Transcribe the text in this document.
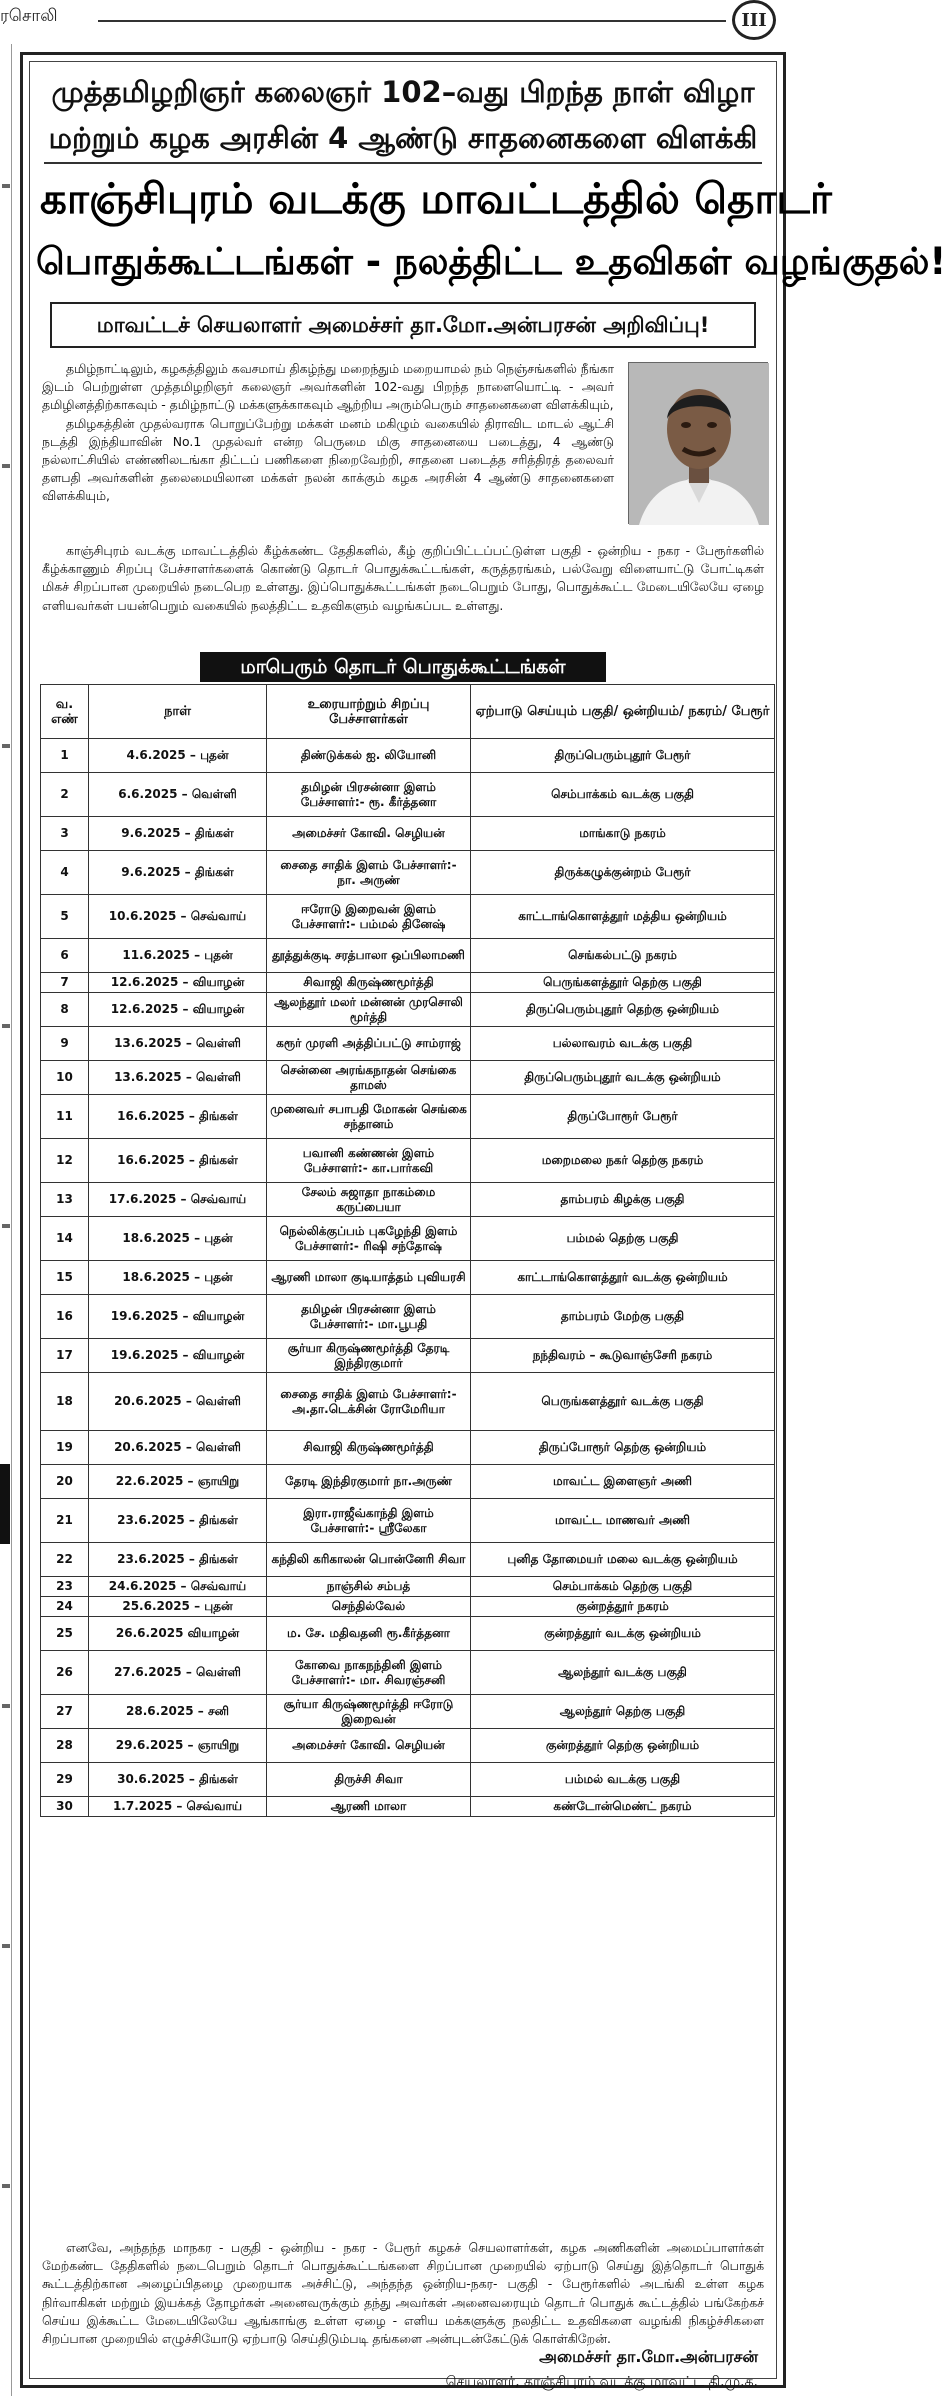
ரசொலி	III
முத்தமிழறிஞர் கலைஞர் 102–வது பிறந்த நாள் விழா
மற்றும் கழக அரசின் 4 ஆண்டு சாதனைகளை விளக்கி
காஞ்சிபுரம் வடக்கு மாவட்டத்தில் தொடர்
பொதுக்கூட்டங்கள் - நலத்திட்ட உதவிகள் வழங்குதல்!
மாவட்டச் செயலாளர் அமைச்சர் தா.மோ.அன்பரசன் அறிவிப்பு!

தமிழ்நாட்டிலும், கழகத்திலும் கவசமாய் திகழ்ந்து மறைந்தும் மறையாமல் நம் நெஞ்சங்களில் நீங்கா இடம் பெற்றுள்ள முத்தமிழறிஞர் கலைஞர் அவர்களின் 102-வது பிறந்த நாளையொட்டி - அவர் தமிழினத்திற்காகவும் - தமிழ்நாட்டு மக்களுக்காகவும் ஆற்றிய அரும்பெரும் சாதனைகளை விளக்கியும்,

தமிழகத்தின் முதல்வராக பொறுப்பேற்று மக்கள் மனம் மகிழும் வகையில் திராவிட மாடல் ஆட்சி நடத்தி இந்தியாவின் No.1 முதல்வர் என்ற பெருமை மிகு சாதனையை படைத்து, 4 ஆண்டு நல்லாட்சியில் எண்ணிலடங்கா திட்டப் பணிகளை நிறைவேற்றி, சாதனை படைத்த சரித்திரத் தலைவர் தளபதி அவர்களின் தலைமையிலான மக்கள் நலன் காக்கும் கழக அரசின் 4 ஆண்டு சாதனைகளை விளக்கியும்,

காஞ்சிபுரம் வடக்கு மாவட்டத்தில் கீழ்க்கண்ட தேதிகளில், கீழ் குறிப்பிட்டப்பட்டுள்ள பகுதி - ஒன்றிய - நகர - பேரூர்களில் கீழ்க்காணும் சிறப்பு பேச்சாளர்களைக் கொண்டு தொடர் பொதுக்கூட்டங்கள், கருத்தரங்கம், பல்வேறு விளையாட்டு போட்டிகள் மிகச் சிறப்பான முறையில் நடைபெற உள்ளது. இப்பொதுக்கூட்டங்கள் நடைபெறும் போது, பொதுக்கூட்ட மேடையிலேயே ஏழை எளியவர்கள் பயன்பெறும் வகையில் நலத்திட்ட உதவிகளும் வழங்கப்பட உள்ளது.

மாபெரும் தொடர் பொதுக்கூட்டங்கள்
வ. எண்	நாள்	உரையாற்றும் சிறப்பு பேச்சாளர்கள்	ஏற்பாடு செய்யும் பகுதி/ ஒன்றியம்/ நகரம்/ பேரூர்
1	4.6.2025 – புதன்	திண்டுக்கல் ஐ. லியோனி	திருப்பெரும்புதூர் பேரூர்
2	6.6.2025 – வெள்ளி	தமிழன் பிரசன்னா இளம் பேச்சாளர்:- ரூ. கீர்த்தனா	செம்பாக்கம் வடக்கு பகுதி
3	9.6.2025 – திங்கள்	அமைச்சர் கோவி. செழியன்	மாங்காடு நகரம்
4	9.6.2025 – திங்கள்	சைதை சாதிக் இளம் பேச்சாளர்:- நா. அருண்	திருக்கழுக்குன்றம் பேரூர்
5	10.6.2025 – செவ்வாய்	ஈரோடு இறைவன் இளம் பேச்சாளர்:- பம்மல் தினேஷ்	காட்டாங்கொளத்தூர் மத்திய ஒன்றியம்
6	11.6.2025 – புதன்	தூத்துக்குடி சரத்பாலா ஒப்பிலாமணி	செங்கல்பட்டு நகரம்
7	12.6.2025 – வியாழன்	சிவாஜி கிருஷ்ணமூர்த்தி	பெருங்களத்தூர் தெற்கு பகுதி
8	12.6.2025 – வியாழன்	ஆலந்தூர் மலர் மன்னன் முரசொலி மூர்த்தி	திருப்பெரும்புதூர் தெற்கு ஒன்றியம்
9	13.6.2025 – வெள்ளி	கரூர் முரளி அத்திப்பட்டு சாம்ராஜ்	பல்லாவரம் வடக்கு பகுதி
10	13.6.2025 – வெள்ளி	சென்னை அரங்கநாதன் செங்கை தாமஸ்	திருப்பெரும்புதூர் வடக்கு ஒன்றியம்
11	16.6.2025 – திங்கள்	முனைவர் சபாபதி மோகன் செங்கை சந்தானம்	திருப்போரூர் பேரூர்
12	16.6.2025 – திங்கள்	பவானி கண்ணன் இளம் பேச்சாளர்:- கா.பார்கவி	மறைமலை நகர் தெற்கு நகரம்
13	17.6.2025 – செவ்வாய்	சேலம் சுஜாதா நாகம்மை கருப்பையா	தாம்பரம் கிழக்கு பகுதி
14	18.6.2025 – புதன்	நெல்லிக்குப்பம் புகழேந்தி இளம் பேச்சாளர்:- ரிஷி சந்தோஷ்	பம்மல் தெற்கு பகுதி
15	18.6.2025 – புதன்	ஆரணி மாலா குடியாத்தம் புவியரசி	காட்டாங்கொளத்தூர் வடக்கு ஒன்றியம்
16	19.6.2025 – வியாழன்	தமிழன் பிரசன்னா இளம் பேச்சாளர்:- மா.பூபதி	தாம்பரம் மேற்கு பகுதி
17	19.6.2025 – வியாழன்	சூர்யா கிருஷ்ணமூர்த்தி தேரடி இந்திரகுமார்	நந்திவரம் – கூடுவாஞ்சேரி நகரம்
18	20.6.2025 – வெள்ளி	சைதை சாதிக் இளம் பேச்சாளர்:- அ.தா.டெக்சின் ரோமேரியா	பெருங்களத்தூர் வடக்கு பகுதி
19	20.6.2025 – வெள்ளி	சிவாஜி கிருஷ்ணமூர்த்தி	திருப்போரூர் தெற்கு ஒன்றியம்
20	22.6.2025 – ஞாயிறு	தேரடி இந்திரகுமார் நா.அருண்	மாவட்ட இளைஞர் அணி
21	23.6.2025 – திங்கள்	இரா.ராஜீவ்காந்தி இளம் பேச்சாளர்:- ஸ்ரீலேகா	மாவட்ட மாணவர் அணி
22	23.6.2025 – திங்கள்	கந்திலி கரிகாலன் பொன்னேரி சிவா	புனித தோமையர் மலை வடக்கு ஒன்றியம்
23	24.6.2025 – செவ்வாய்	நாஞ்சில் சம்பத்	செம்பாக்கம் தெற்கு பகுதி
24	25.6.2025 – புதன்	செந்தில்வேல்	குன்றத்தூர் நகரம்
25	26.6.2025 வியாழன்	ம. சே. மதிவதனி ரூ.கீர்த்தனா	குன்றத்தூர் வடக்கு ஒன்றியம்
26	27.6.2025 – வெள்ளி	கோவை நாகநந்தினி இளம் பேச்சாளர்:- மா. சிவரஞ்சனி	ஆலந்தூர் வடக்கு பகுதி
27	28.6.2025 – சனி	சூர்யா கிருஷ்ணமூர்த்தி ஈரோடு இறைவன்	ஆலந்தூர் தெற்கு பகுதி
28	29.6.2025 – ஞாயிறு	அமைச்சர் கோவி. செழியன்	குன்றத்தூர் தெற்கு ஒன்றியம்
29	30.6.2025 – திங்கள்	திருச்சி சிவா	பம்மல் வடக்கு பகுதி
30	1.7.2025 – செவ்வாய்	ஆரணி மாலா	கண்டோன்மெண்ட் நகரம்

எனவே, அந்தந்த மாநகர - பகுதி - ஒன்றிய - நகர - பேரூர் கழகச் செயலாளர்கள், கழக அணிகளின் அமைப்பாளர்கள் மேற்கண்ட தேதிகளில் நடைபெறும் தொடர் பொதுக்கூட்டங்களை சிறப்பான முறையில் ஏற்பாடு செய்து இத்தொடர் பொதுக் கூட்டத்திற்கான அழைப்பிதழை முறையாக அச்சிட்டு, அந்தந்த ஒன்றிய-நகர- பகுதி - பேரூர்களில் அடங்கி உள்ள கழக நிர்வாகிகள் மற்றும் இயக்கத் தோழர்கள் அனைவருக்கும் தந்து அவர்கள் அனைவரையும் தொடர் பொதுக் கூட்டத்தில் பங்கேற்கச் செய்ய இக்கூட்ட மேடையிலேயே ஆங்காங்கு உள்ள ஏழை - எளிய மக்களுக்கு நலதிட்ட உதவிகளை வழங்கி நிகழ்ச்சிகளை சிறப்பான முறையில் எழுச்சியோடு ஏற்பாடு செய்திடும்படி தங்களை அன்புடன்கேட்டுக் கொள்கிறேன்.

அமைச்சர் தா.மோ.அன்பரசன்
செயலாளர், காஞ்சிபுரம் வடக்கு மாவட்ட தி.மு.க.
